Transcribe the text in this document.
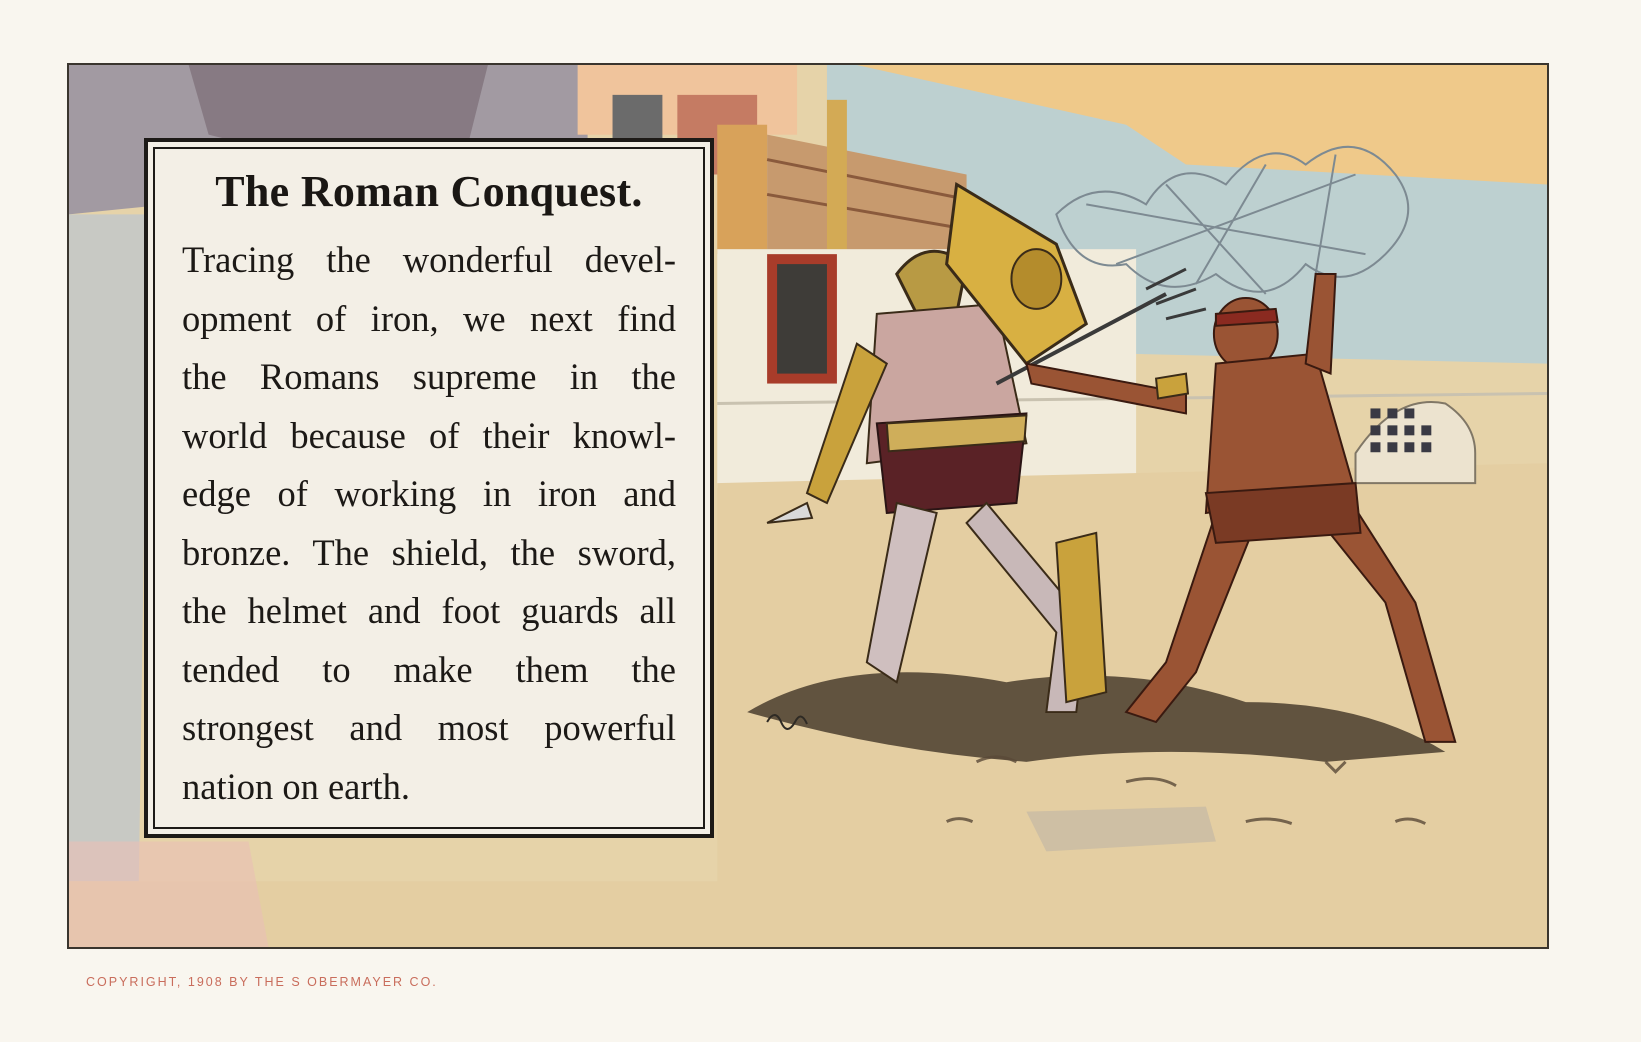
The Roman Conquest.
Tracing the wonderful devel-
opment of iron, we next find
the Romans supreme in the
world because of their knowl-
edge of working in iron and
bronze. The shield, the sword,
the helmet and foot guards all
tended to make them the
strongest and most powerful
nation on earth.
COPYRIGHT, 1908 BY THE S OBERMAYER CO.
